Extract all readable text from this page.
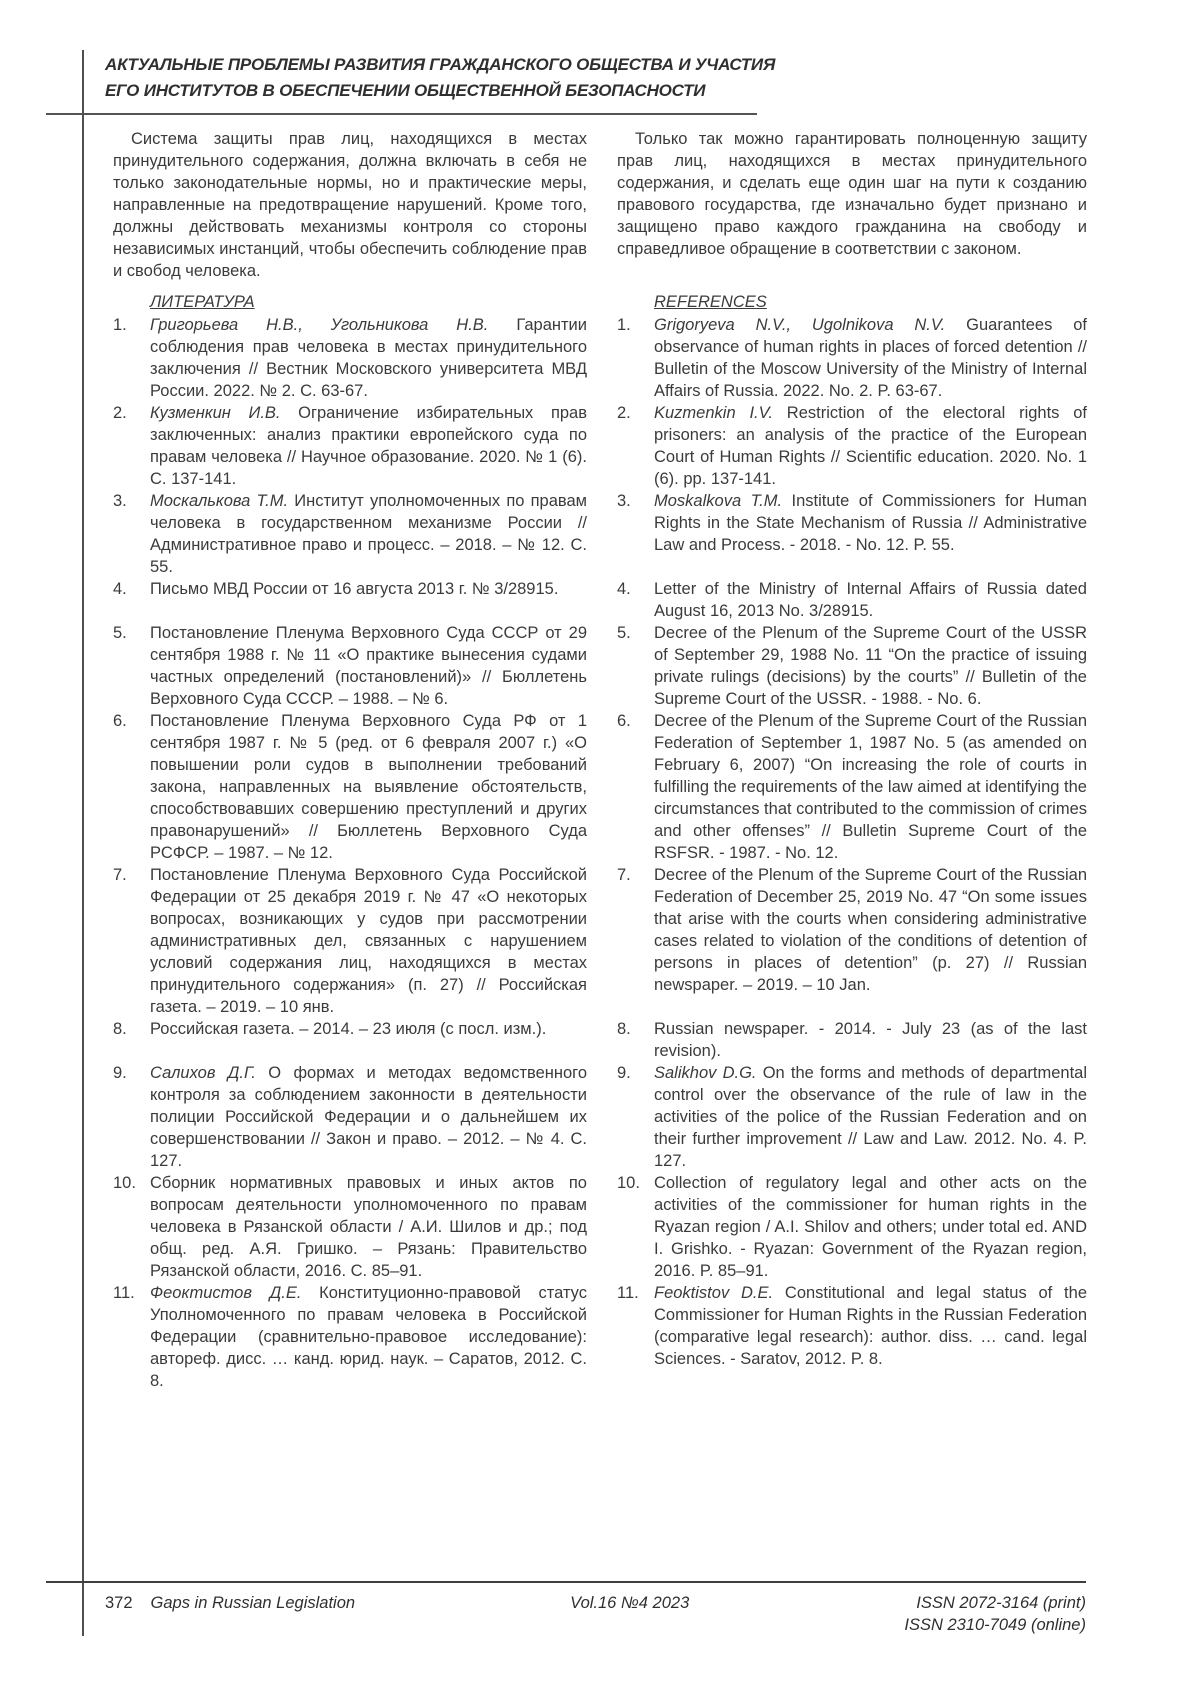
АКТУАЛЬНЫЕ ПРОБЛЕМЫ РАЗВИТИЯ ГРАЖДАНСКОГО ОБЩЕСТВА И УЧАСТИЯ
ЕГО ИНСТИТУТОВ В ОБЕСПЕЧЕНИИ ОБЩЕСТВЕННОЙ БЕЗОПАСНОСТИ

Система защиты прав лиц, находящихся в местах принудительного содержания, должна включать в себя не только законодательные нормы, но и практические меры, направленные на предотвращение нарушений. Кроме того, должны действовать механизмы контроля со стороны независимых инстанций, чтобы обеспечить соблюдение прав и свобод человека.

Только так можно гарантировать полноценную защиту прав лиц, находящихся в местах принудительного содержания, и сделать еще один шаг на пути к созданию правового государства, где изначально будет признано и защищено право каждого гражданина на свободу и справедливое обращение в соответствии с законом.

ЛИТЕРАТУРА	REFERENCES
1.	Григорьева Н.В., Угольникова Н.В. Гарантии соблюдения прав человека в местах принудительного заключения // Вестник Московского университета МВД России. 2022. № 2. С. 63-67.

1.	Grigoryeva N.V., Ugolnikova N.V. Guarantees of observance of human rights in places of forced detention // Bulletin of the Moscow University of the Ministry of Internal Affairs of Russia. 2022. No. 2. P. 63-67.

2.	Кузменкин И.В. Ограничение избирательных прав заключенных: анализ практики европейского суда по правам человека // Научное образование. 2020. № 1 (6). С. 137-141.

2.	Kuzmenkin I.V. Restriction of the electoral rights of prisoners: an analysis of the practice of the European Court of Human Rights // Scientific education. 2020. No. 1 (6). pp. 137-141.

3.	Москалькова Т.М. Институт уполномоченных по правам человека в государственном механизме России // Административное право и процесс. – 2018. – № 12. С. 55.

3.	Moskalkova T.M. Institute of Commissioners for Human Rights in the State Mechanism of Russia // Administrative Law and Process. - 2018. - No. 12. P. 55.

4.	Письмо МВД России от 16 августа 2013 г. № 3/28915.	4.	Letter of the Ministry of Internal Affairs of Russia dated August 16, 2013 No. 3/28915.

5.	Постановление Пленума Верховного Суда СССР от 29 сентября 1988 г. № 11 «О практике вынесения судами частных определений (постановлений)» // Бюллетень Верховного Суда СССР. – 1988. – № 6.

5.	Decree of the Plenum of the Supreme Court of the USSR of September 29, 1988 No. 11 “On the practice of issuing private rulings (decisions) by the courts” // Bulletin of the Supreme Court of the USSR. - 1988. - No. 6.

6.	Постановление Пленума Верховного Суда РФ от 1 сентября 1987 г. № 5 (ред. от 6 февраля 2007 г.) «О повышении роли судов в выполнении требований закона, направленных на выявление обстоятельств, способствовавших совершению преступлений и других правонарушений» // Бюллетень Верховного Суда РСФСР. – 1987. – № 12.

6.	Decree of the Plenum of the Supreme Court of the Russian Federation of September 1, 1987 No. 5 (as amended on February 6, 2007) “On increasing the role of courts in fulfilling the requirements of the law aimed at identifying the circumstances that contributed to the commission of crimes and other offenses” // Bulletin Supreme Court of the RSFSR. - 1987. - No. 12.

7.	Постановление Пленума Верховного Суда Российской Федерации от 25 декабря 2019 г. № 47 «О некоторых вопросах, возникающих у судов при рассмотрении административных дел, связанных с нарушением условий содержания лиц, находящихся в местах принудительного содержания» (п. 27) // Российская газета. – 2019. – 10 янв.

7.	Decree of the Plenum of the Supreme Court of the Russian Federation of December 25, 2019 No. 47 “On some issues that arise with the courts when considering administrative cases related to violation of the conditions of detention of persons in places of detention” (p. 27) // Russian newspaper. – 2019. – 10 Jan.

8.	Российская газета. – 2014. – 23 июля (с посл. изм.).	8.	Russian newspaper. - 2014. - July 23 (as of the last revision).

9.	Салихов Д.Г. О формах и методах ведомственного контроля за соблюдением законности в деятельности полиции Российской Федерации и о дальнейшем их совершенствовании // Закон и право. – 2012. – № 4. С. 127.

9.	Salikhov D.G. On the forms and methods of departmental control over the observance of the rule of law in the activities of the police of the Russian Federation and on their further improvement // Law and Law. 2012. No. 4. P. 127.

10. Сборник нормативных правовых и иных актов по вопросам деятельности уполномоченного по правам человека в Рязанской области / А.И. Шилов и др.; под общ. ред. А.Я. Гришко. – Рязань: Правительство Рязанской области, 2016. С. 85–91.

10. Collection of regulatory legal and other acts on the activities of the commissioner for human rights in the Ryazan region / A.I. Shilov and others; under total ed. AND I. Grishko. - Ryazan: Government of the Ryazan region, 2016. P. 85–91.

11. Феоктистов Д.Е. Конституционно-правовой статус Уполномоченного по правам человека в Российской Федерации (сравнительно-правовое исследование): автореф. дисс. … канд. юрид. наук. – Саратов, 2012. С. 8.

11. Feoktistov D.E. Constitutional and legal status of the Commissioner for Human Rights in the Russian Federation (comparative legal research): author. diss. … cand. legal Sciences. - Saratov, 2012. P. 8.

372 Gaps in Russian Legislation	Vol.16 №4 2023	ISSN 2072-3164 (print)
ISSN 2310-7049 (online)
